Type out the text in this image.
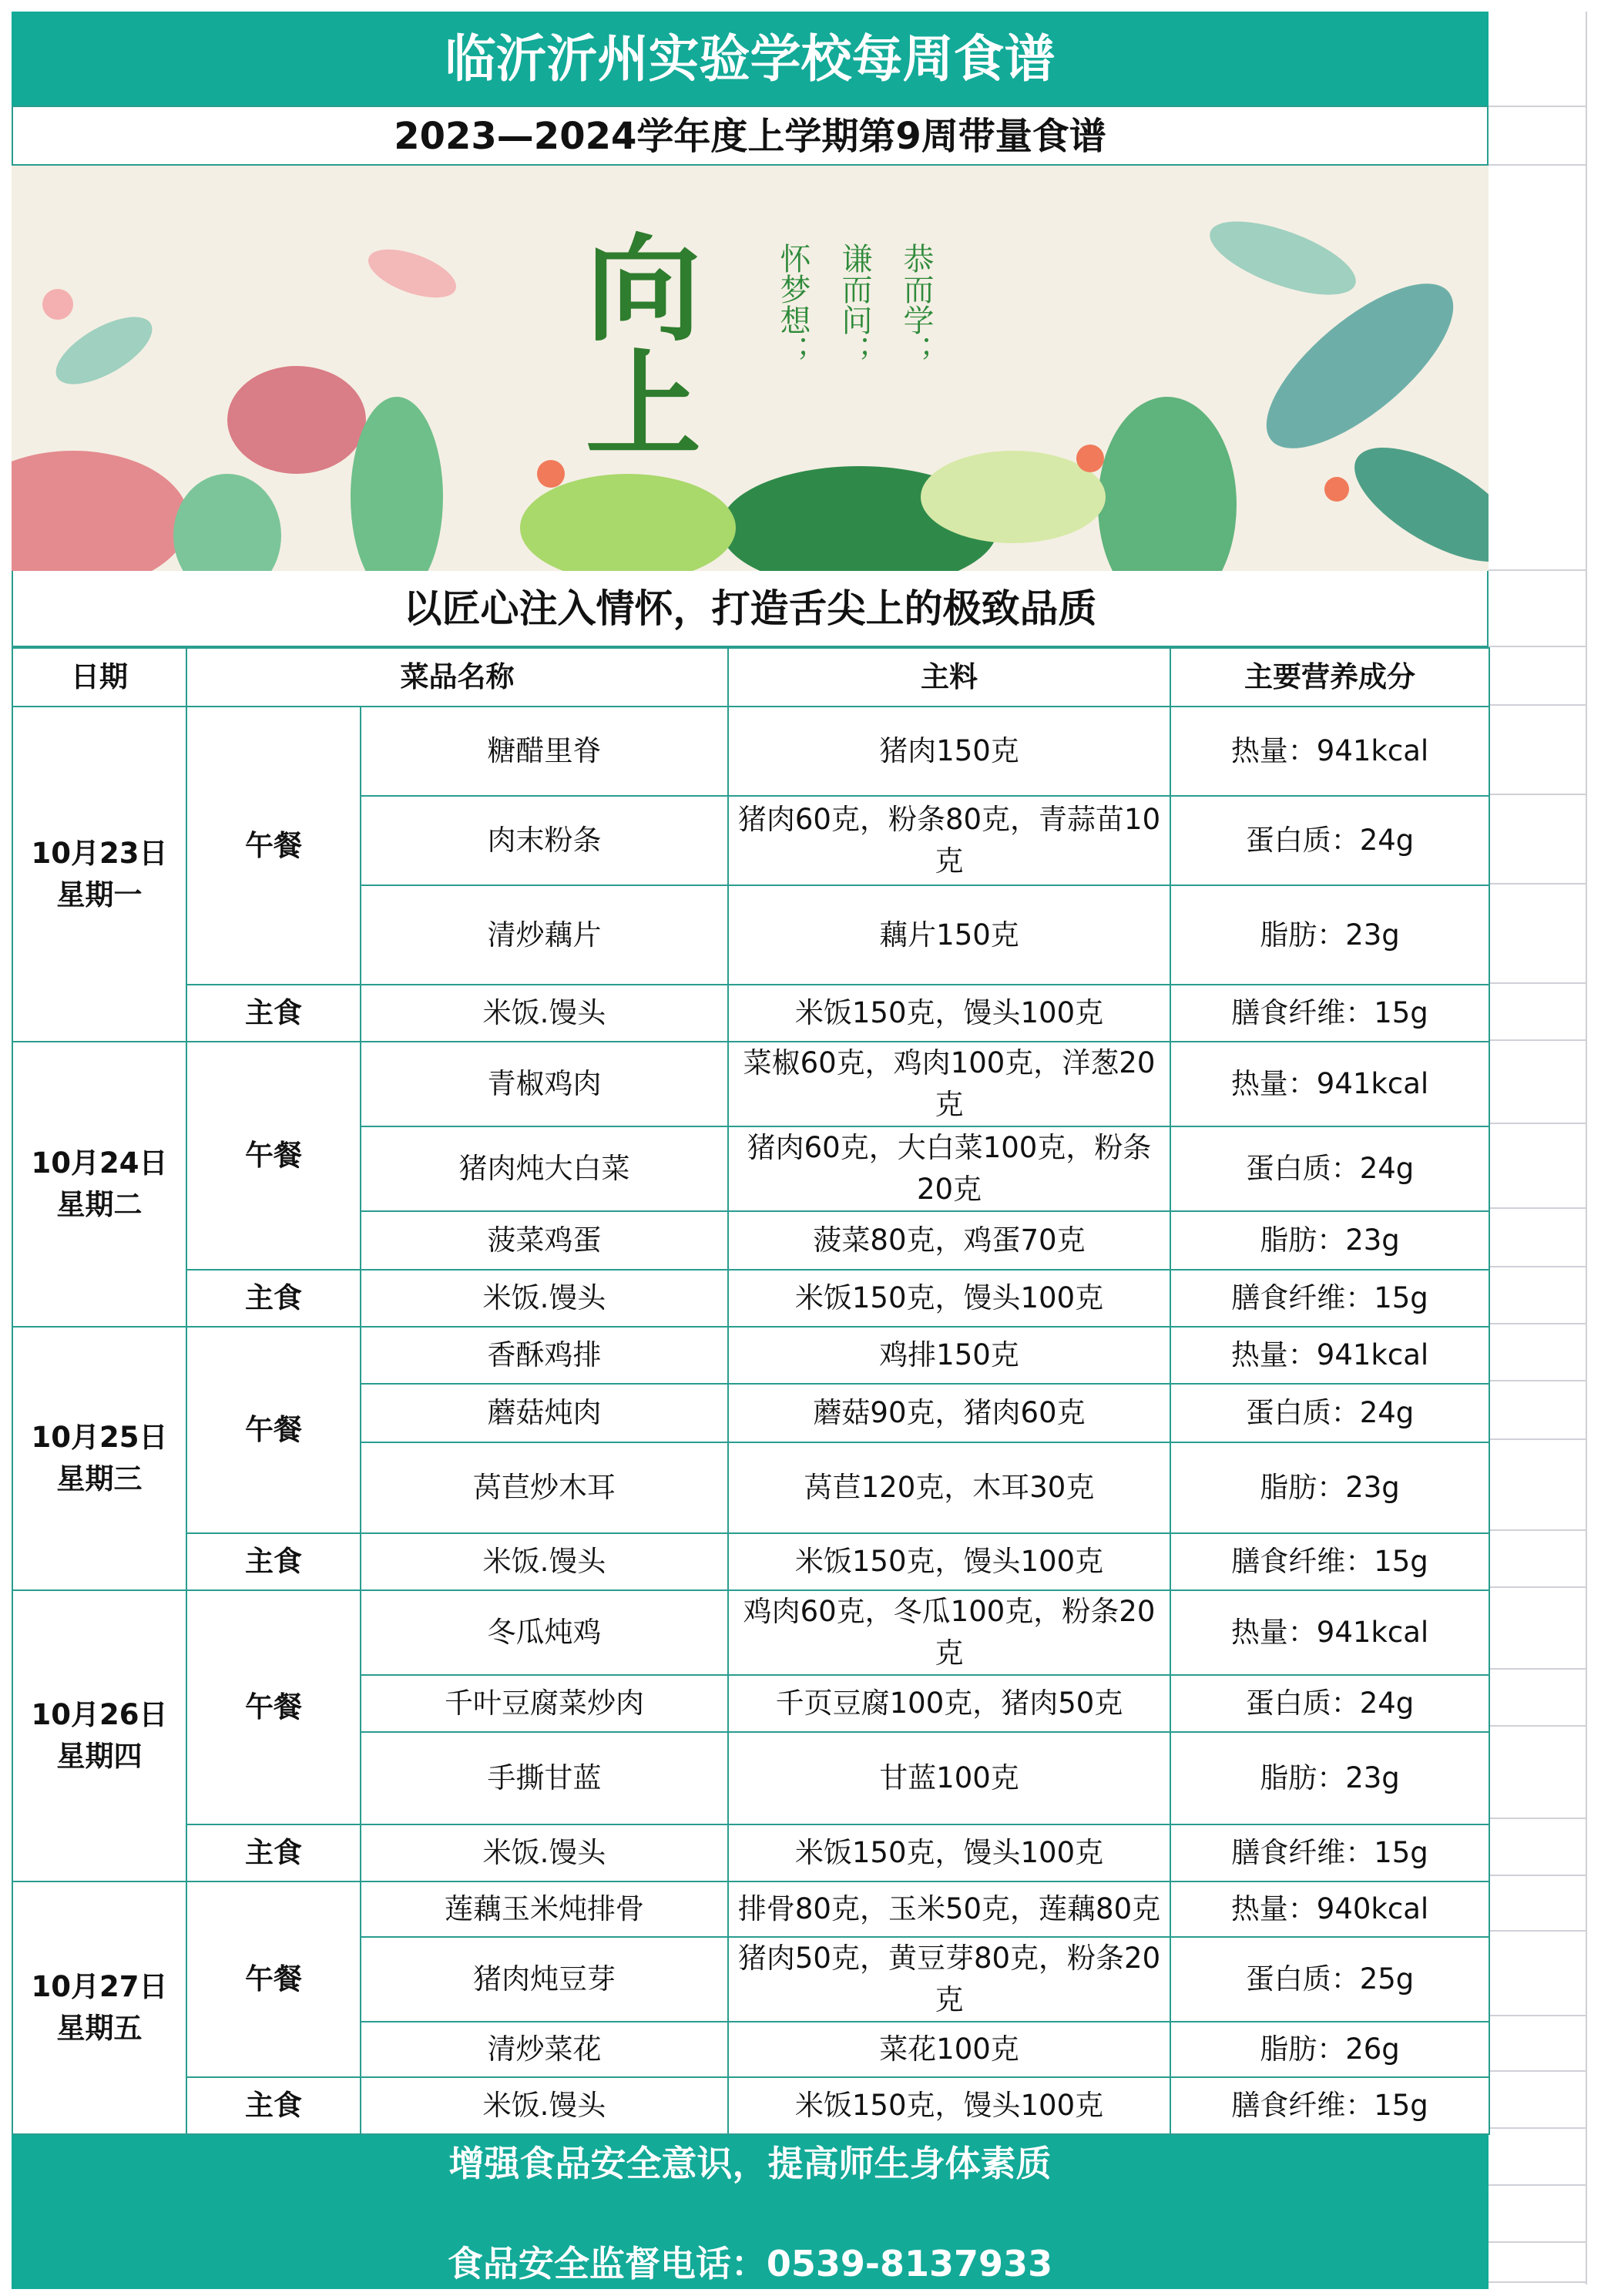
临沂沂州实验学校每周食谱
2023—2024学年度上学期第9周带量食谱
向
上
怀梦想； 谦而问； 恭而学；
以匠心注入情怀，打造舌尖上的极致品质
日期	菜品名称		主料	主要营养成分

10月23日
星期一	午餐	糖醋里脊	猪肉150克	热量：941kcal
		肉末粉条	猪肉60克，粉条80克，青蒜苗10克	蛋白质：24g
		清炒藕片	藕片150克	脂肪：23g
	主食	米饭.馒头	米饭150克，馒头100克	膳食纤维：15g

10月24日
星期二	午餐	青椒鸡肉	菜椒60克，鸡肉100克，洋葱20克	热量：941kcal
		猪肉炖大白菜	猪肉60克，大白菜100克，粉条20克	蛋白质：24g
		菠菜鸡蛋	菠菜80克，鸡蛋70克	脂肪：23g
	主食	米饭.馒头	米饭150克，馒头100克	膳食纤维：15g

10月25日
星期三	午餐	香酥鸡排	鸡排150克	热量：941kcal
		蘑菇炖肉	蘑菇90克，猪肉60克	蛋白质：24g
		莴苣炒木耳	莴苣120克，木耳30克	脂肪：23g
	主食	米饭.馒头	米饭150克，馒头100克	膳食纤维：15g

10月26日
星期四	午餐	冬瓜炖鸡	鸡肉60克，冬瓜100克，粉条20克	热量：941kcal
		千叶豆腐菜炒肉	千页豆腐100克，猪肉50克	蛋白质：24g
		手撕甘蓝	甘蓝100克	脂肪：23g
	主食	米饭.馒头	米饭150克，馒头100克	膳食纤维：15g

10月27日
星期五	午餐	莲藕玉米炖排骨	排骨80克，玉米50克，莲藕80克	热量：940kcal
		猪肉炖豆芽	猪肉50克，黄豆芽80克，粉条20克	蛋白质：25g
		清炒菜花	菜花100克	脂肪：26g
	主食	米饭.馒头	米饭150克，馒头100克	膳食纤维：15g
增强食品安全意识，提高师生身体素质
食品安全监督电话：0539-8137933
